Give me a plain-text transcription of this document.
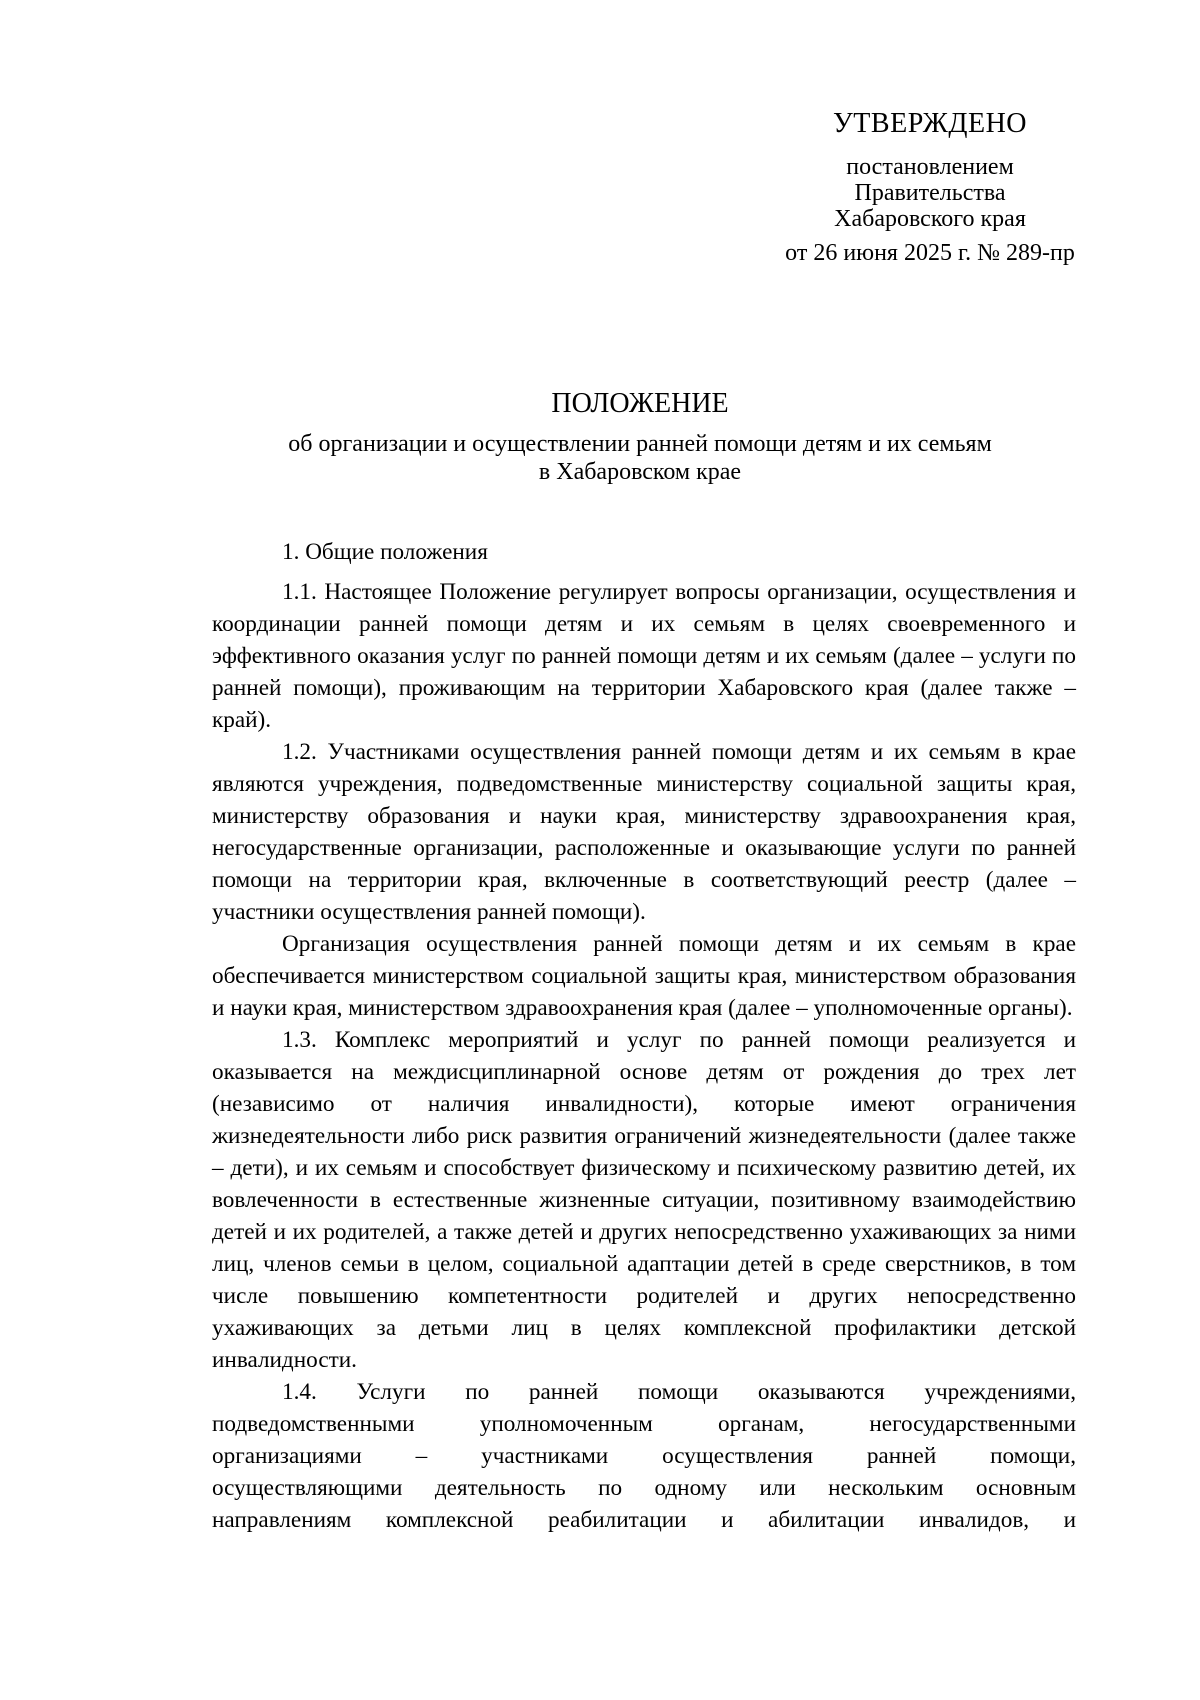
УТВЕРЖДЕНО
постановлением
Правительства
Хабаровского края
от 26 июня 2025 г. № 289-пр
ПОЛОЖЕНИЕ
об организации и осуществлении ранней помощи детям и их семьям
в Хабаровском крае

1. Общие положения

1.1. Настоящее Положение регулирует вопросы организации, осуществления и координации ранней помощи детям и их семьям в целях своевременного и эффективного оказания услуг по ранней помощи детям и их семьям (далее – услуги по ранней помощи), проживающим на территории Хабаровского края (далее также – край).

1.2. Участниками осуществления ранней помощи детям и их семьям в крае являются учреждения, подведомственные министерству социальной защиты края, министерству образования и науки края, министерству здравоохранения края, негосударственные организации, расположенные и оказывающие услуги по ранней помощи на территории края, включенные в соответствующий реестр (далее – участники осуществления ранней помощи).

Организация осуществления ранней помощи детям и их семьям в крае обеспечивается министерством социальной защиты края, министерством образования и науки края, министерством здравоохранения края (далее – уполномоченные органы).

1.3. Комплекс мероприятий и услуг по ранней помощи реализуется и оказывается на междисциплинарной основе детям от рождения до трех лет (независимо от наличия инвалидности), которые имеют ограничения жизнедеятельности либо риск развития ограничений жизнедеятельности (далее также – дети), и их семьям и способствует физическому и психическому развитию детей, их вовлеченности в естественные жизненные ситуации, позитивному взаимодействию детей и их родителей, а также детей и других непосредственно ухаживающих за ними лиц, членов семьи в целом, социальной адаптации детей в среде сверстников, в том числе повышению компетентности родителей и других непосредственно ухаживающих за детьми лиц в целях комплексной профилактики детской инвалидности.

1.4. Услуги по ранней помощи оказываются учреждениями,

подведомственными уполномоченным органам, негосударственными

организациями – участниками осуществления ранней помощи,

осуществляющими деятельность по одному или нескольким основным

направлениям комплексной реабилитации и абилитации инвалидов, и
